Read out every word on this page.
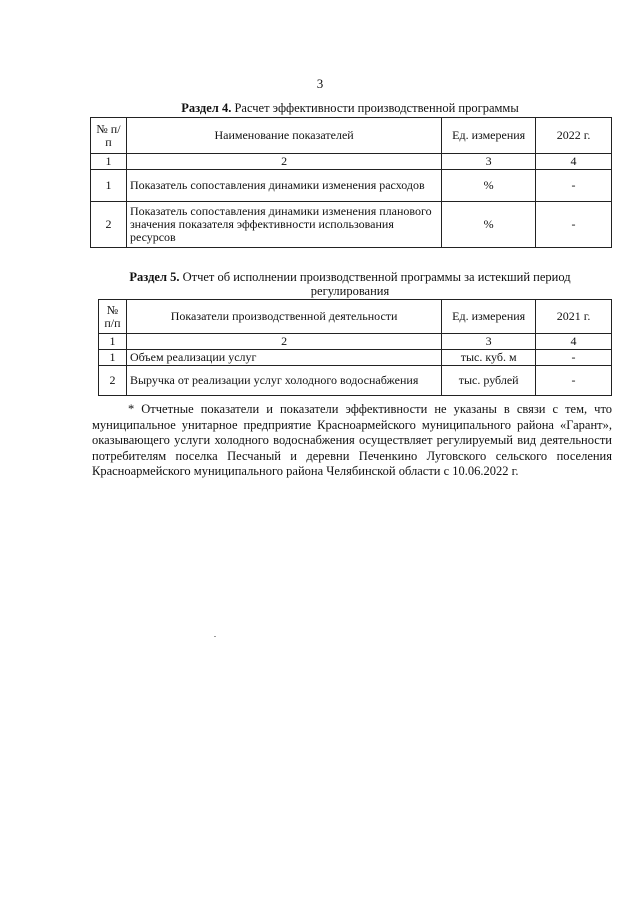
3
Раздел 4. Расчет эффективности производственной программы
№ п/п	Наименование показателей	Ед. измерения	2022 г.
1	2	3	4
1	Показатель сопоставления динамики изменения расходов	%	-
2	Показатель сопоставления динамики изменения планового значения показателя эффективности использования ресурсов	%	-
Раздел 5. Отчет об исполнении производственной программы за истекший период регулирования
№ п/п	Показатели производственной деятельности	Ед. измерения	2021 г.
1	2	3	4
1	Объем реализации услуг	тыс. куб. м	-
2	Выручка от реализации услуг холодного водоснабжения	тыс. рублей	-
* Отчетные показатели и показатели эффективности не указаны в связи с тем, что муниципальное унитарное предприятие Красноармейского муниципального района «Гарант», оказывающего услуги холодного водоснабжения осуществляет регулируемый вид деятельности потребителям поселка Песчаный и деревни Печенкино Луговского сельского поселения Красноармейского муниципального района Челябинской области с 10.06.2022 г.
